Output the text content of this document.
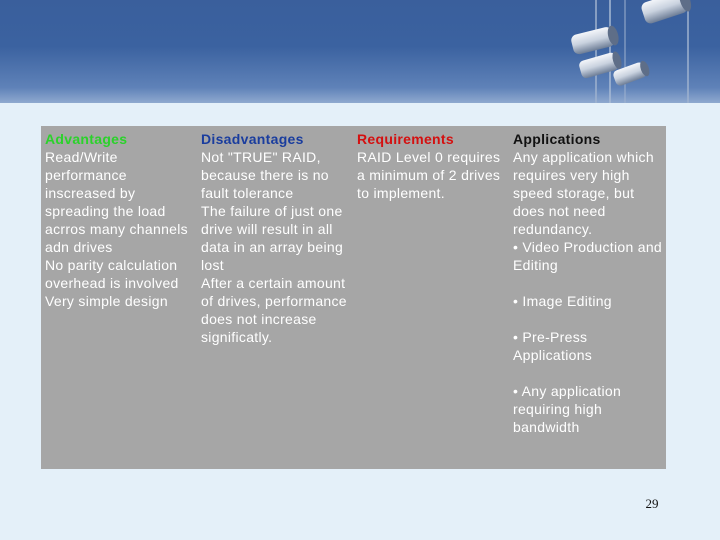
Advantages
Read/Write
performance
inscreased by
spreading the load
acrros many channels
adn drives
No parity calculation
overhead is involved
Very simple design
Disadvantages
Not "TRUE" RAID,
because there is no
fault tolerance
The failure of just one
drive will result in all
data in an array being
lost
After a certain amount
of drives, performance
does not increase
significatly.
Requirements
RAID Level 0 requires
a minimum of 2 drives
to implement.
Applications
Any application which
requires very high
speed storage, but
does not need
redundancy.
• Video Production and
Editing
• Image Editing
• Pre-Press
Applications
• Any application
requiring high
bandwidth
29
